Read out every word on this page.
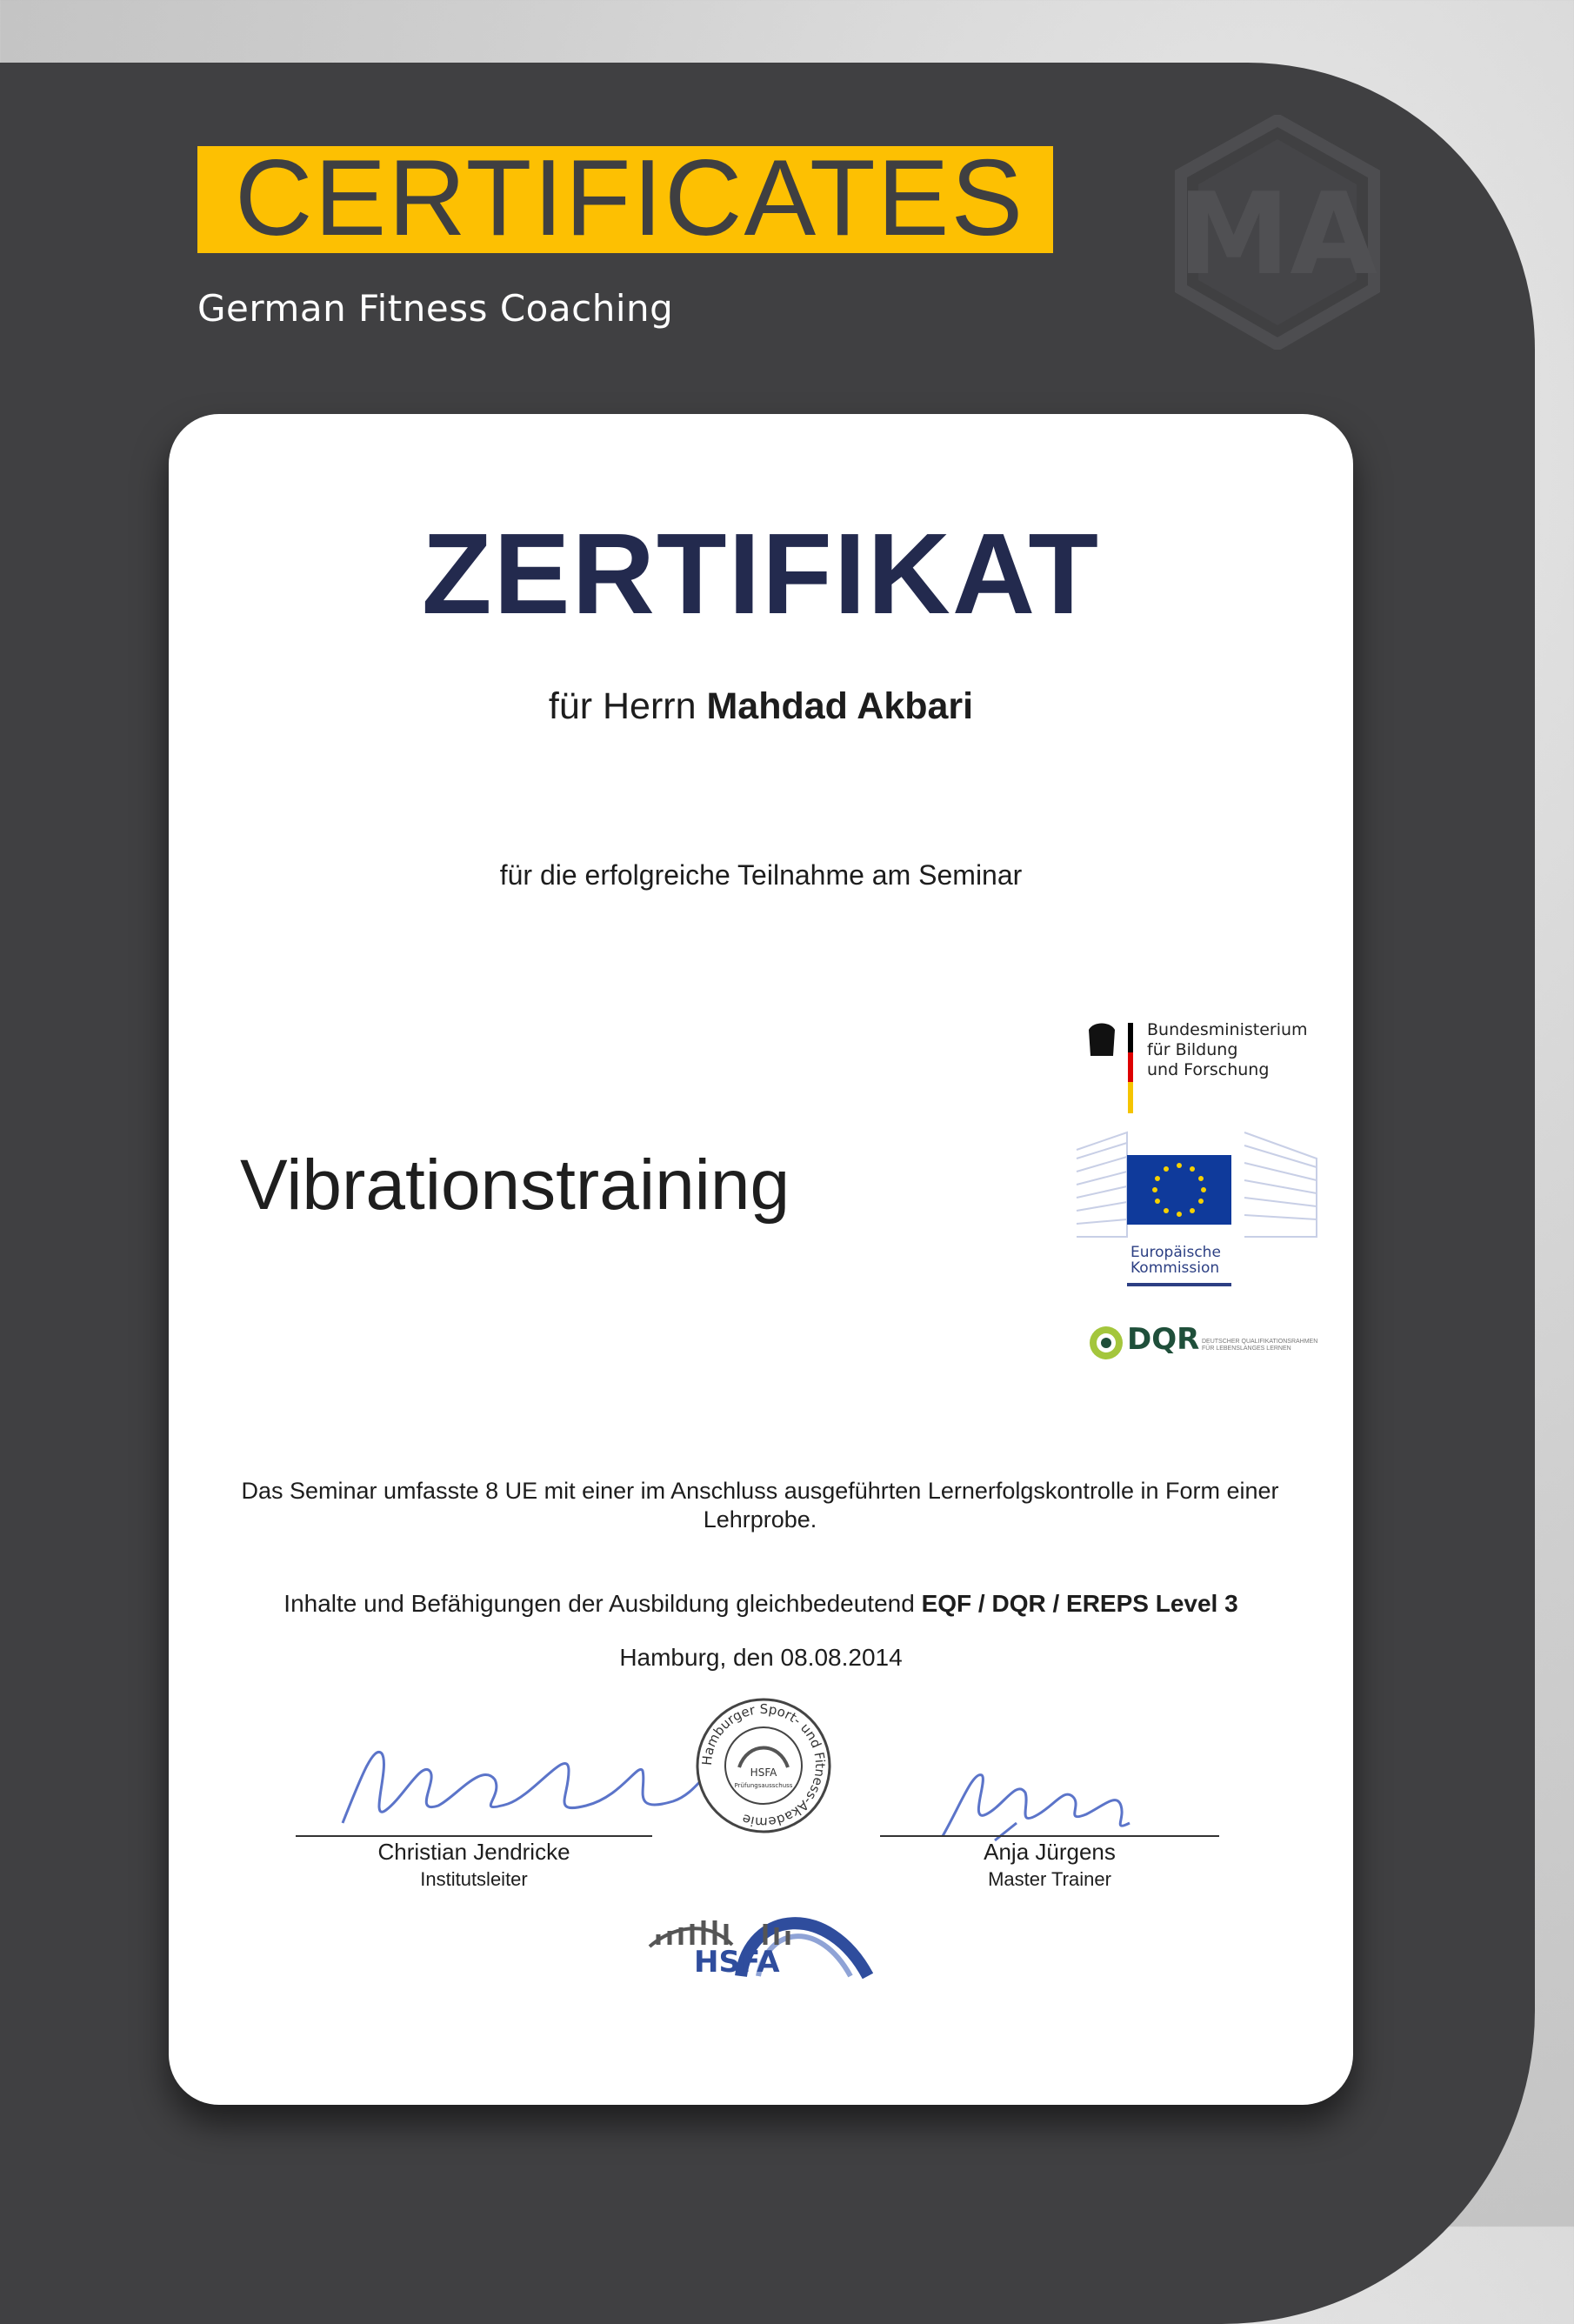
CERTIFICATES
German Fitness Coaching
MA
ZERTIFIKAT
für Herrn Mahdad Akbari
für die erfolgreiche Teilnahme am Seminar
Vibrationstraining
Bundesministerium
für Bildung
und Forschung
Europäische
Kommission
DQR DEUTSCHER QUALIFIKATIONSRAHMEN
FÜR LEBENSLANGES LERNEN
Das Seminar umfasste 8 UE mit einer im Anschluss ausgeführten Lernerfolgskontrolle in Form einer Lehrprobe.
Inhalte und Befähigungen der Ausbildung gleichbedeutend EQF / DQR / EREPS Level 3
Hamburg, den 08.08.2014
Christian Jendricke
Institutsleiter
Hamburger Sport- und Fitness-Akademie
HSFA
Prüfungsausschuss
Anja Jürgens
Master Trainer
HSFA
